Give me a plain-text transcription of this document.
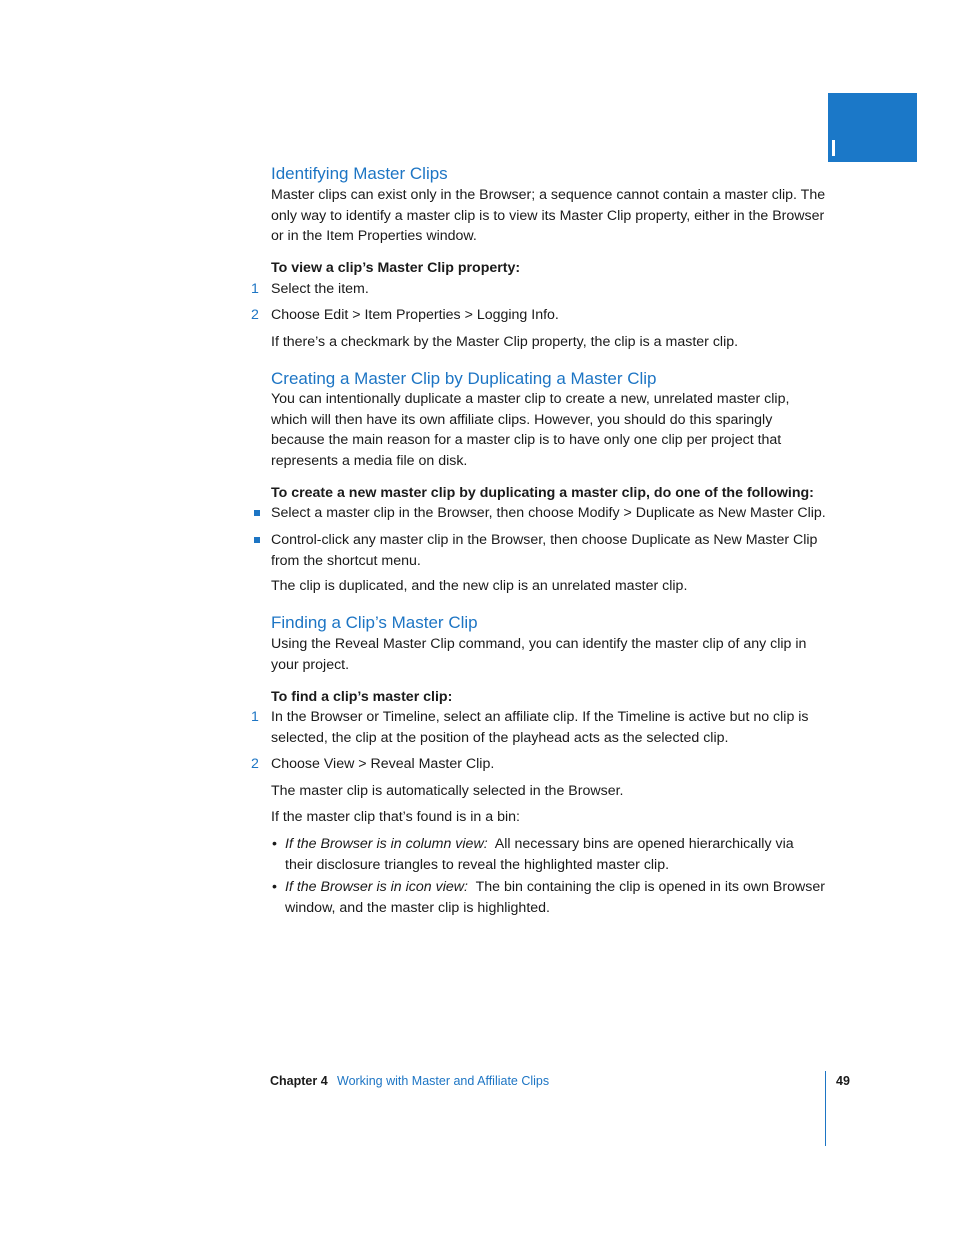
Identifying Master Clips

Master clips can exist only in the Browser; a sequence cannot contain a master clip. The only way to identify a master clip is to view its Master Clip property, either in the Browser or in the Item Properties window.

To view a clip’s Master Clip property:

1 Select the item.

2 Choose Edit > Item Properties > Logging Info.

If there’s a checkmark by the Master Clip property, the clip is a master clip.

Creating a Master Clip by Duplicating a Master Clip

You can intentionally duplicate a master clip to create a new, unrelated master clip, which will then have its own affiliate clips. However, you should do this sparingly because the main reason for a master clip is to have only one clip per project that represents a media file on disk.

To create a new master clip by duplicating a master clip, do one of the following:

Select a master clip in the Browser, then choose Modify > Duplicate as New Master Clip.

Control-click any master clip in the Browser, then choose Duplicate as New Master Clip from the shortcut menu.

The clip is duplicated, and the new clip is an unrelated master clip.

Finding a Clip’s Master Clip

Using the Reveal Master Clip command, you can identify the master clip of any clip in your project.

To find a clip’s master clip:

1 In the Browser or Timeline, select an affiliate clip. If the Timeline is active but no clip is selected, the clip at the position of the playhead acts as the selected clip.

2 Choose View > Reveal Master Clip.

The master clip is automatically selected in the Browser.

If the master clip that’s found is in a bin:

• If the Browser is in column view: All necessary bins are opened hierarchically via their disclosure triangles to reveal the highlighted master clip.

• If the Browser is in icon view: The bin containing the clip is opened in its own Browser window, and the master clip is highlighted.

Chapter 4 Working with Master and Affiliate Clips	49
